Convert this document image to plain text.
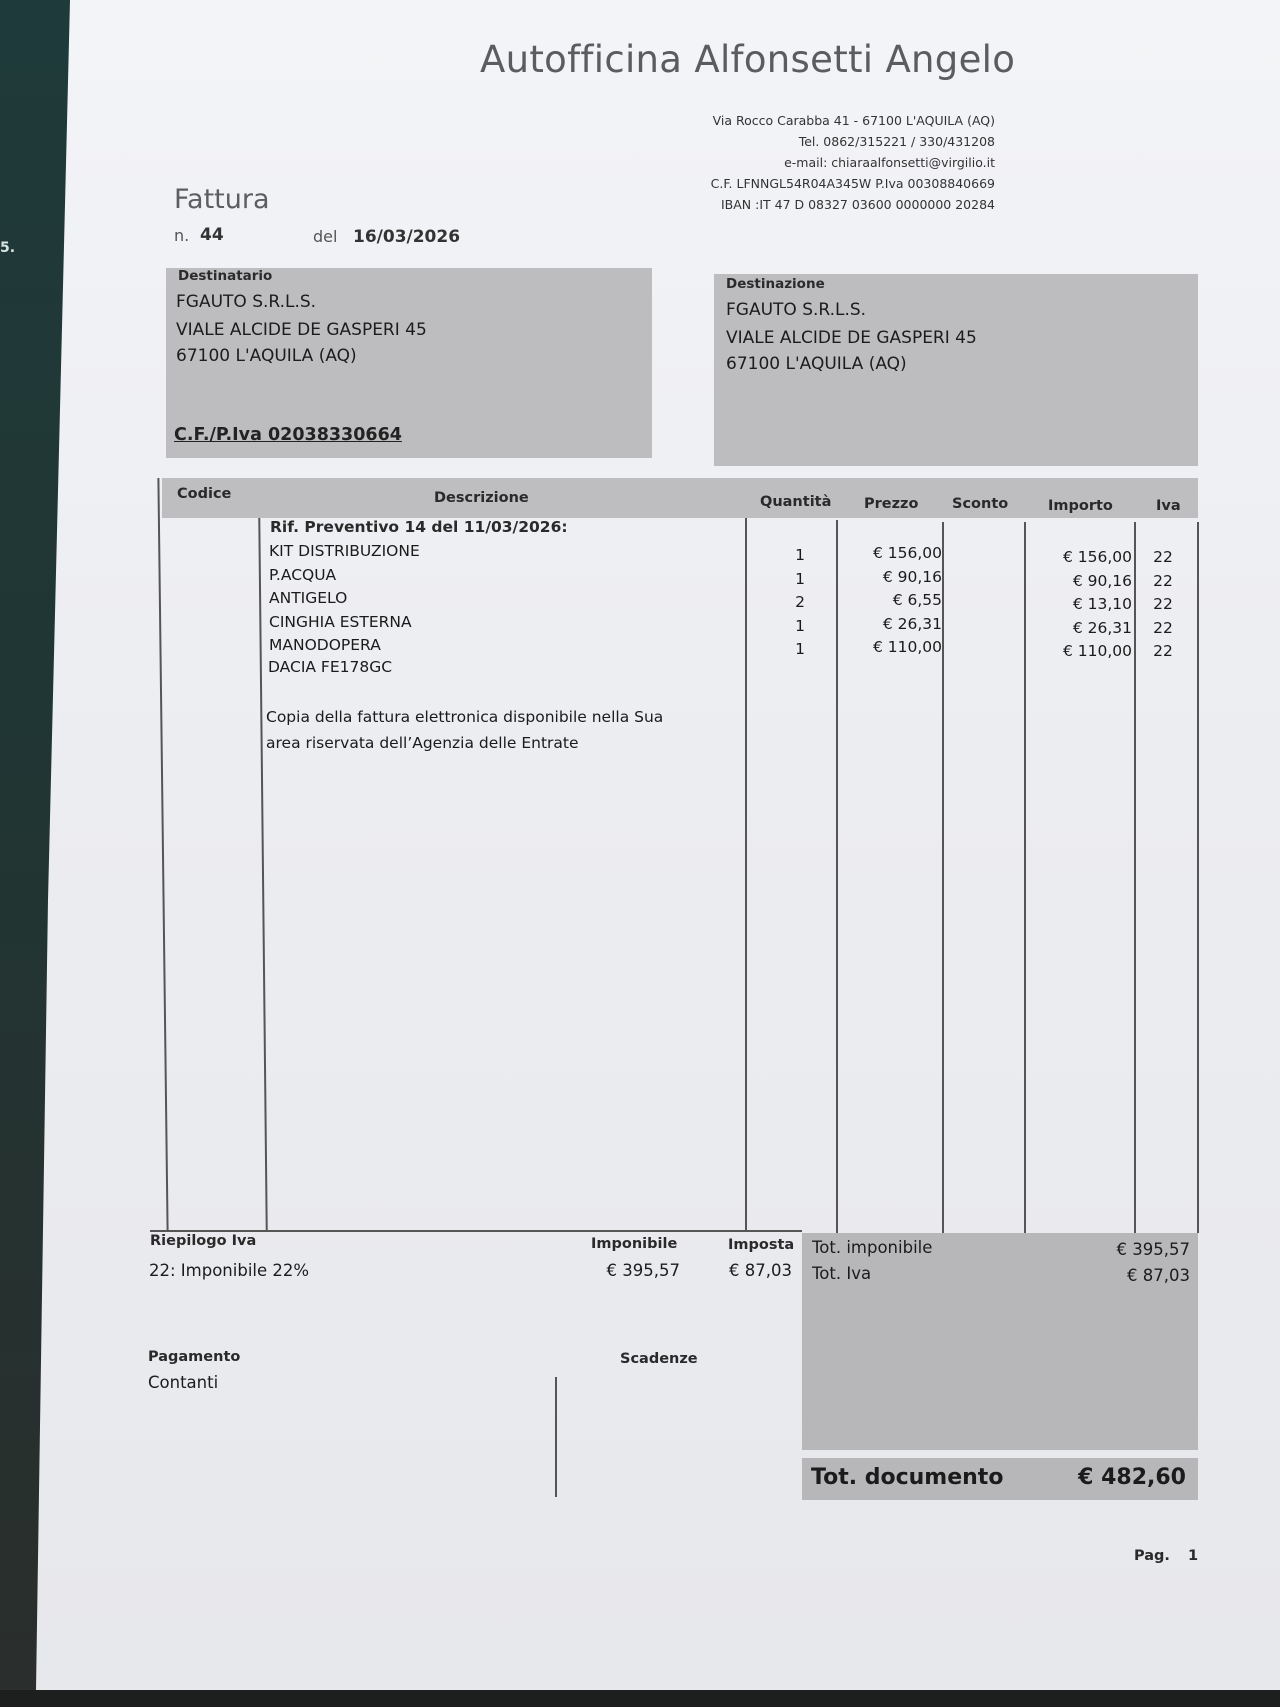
5.
Autofficina Alfonsetti Angelo
Via Rocco Carabba 41 - 67100 L'AQUILA (AQ)
Tel. 0862/315221 / 330/431208
e-mail: chiaraalfonsetti@virgilio.it
C.F. LFNNGL54R04A345W P.Iva 00308840669
IBAN :IT 47 D 08327 03600 0000000 20284
Fattura
n. 44	del 16/03/2026
Destinatario
FGAUTO S.R.L.S.
VIALE ALCIDE DE GASPERI 45
67100 L'AQUILA (AQ)
C.F./P.Iva 02038330664
Destinazione
FGAUTO S.R.L.S.
VIALE ALCIDE DE GASPERI 45
67100 L'AQUILA (AQ)
Codice	Descrizione	Quantità Prezzo Sconto	Importo	Iva
Rif. Preventivo 14 del 11/03/2026:
KIT DISTRIBUZIONE	1	€ 156,00	€ 156,00	22
P.ACQUA	1	€ 90,16	€ 90,16	22
ANTIGELO	2	€ 6,55	€ 13,10	22
CINGHIA ESTERNA	1	€ 26,31	€ 26,31	22
MANODOPERA	1	€ 110,00	€ 110,00	22
DACIA FE178GC
Copia della fattura elettronica disponibile nella Sua
area riservata dell’Agenzia delle Entrate
Riepilogo Iva	Imponibile	Imposta
22: Imponibile 22%	€ 395,57	€ 87,03
Tot. imponibile	€ 395,57
Tot. Iva	€ 87,03
Tot. documento	€ 482,60
Pagamento
Contanti
Scadenze
Pag. 1
